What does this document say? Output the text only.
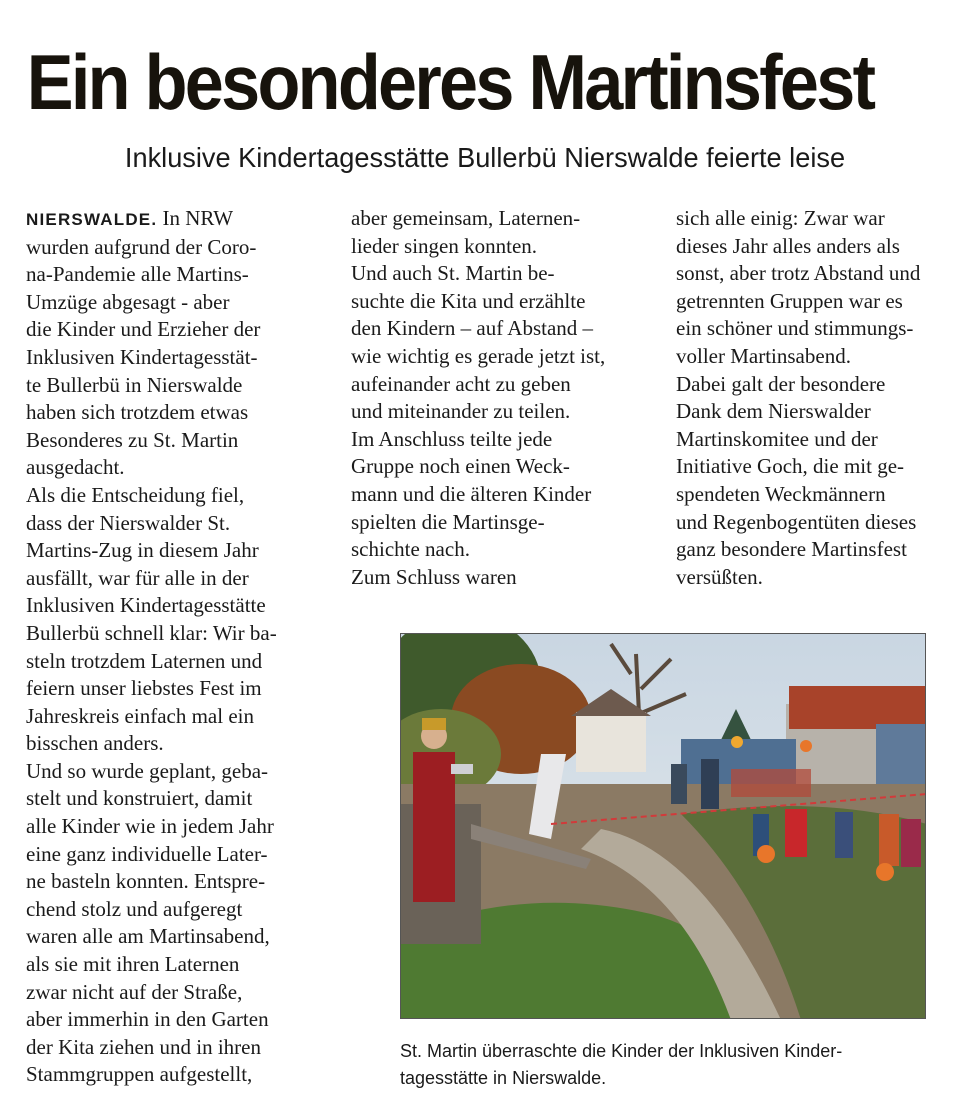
Ein besonderes Martinsfest

Inklusive Kindertagesstätte Bullerbü Nierswalde feierte leise

NIERSWALDE. In NRW
wurden aufgrund der Coro-
na-Pandemie alle Martins-
Umzüge abgesagt - aber
die Kinder und Erzieher der
Inklusiven Kindertagesstät-
te Bullerbü in Nierswalde
haben sich trotzdem etwas
Besonderes zu St. Martin
ausgedacht.
Als die Entscheidung fiel,
dass der Nierswalder St.
Martins-Zug in diesem Jahr
ausfällt, war für alle in der
Inklusiven Kindertagesstätte
Bullerbü schnell klar: Wir ba-
steln trotzdem Laternen und
feiern unser liebstes Fest im
Jahreskreis einfach mal ein
bisschen anders.
Und so wurde geplant, geba-
stelt und konstruiert, damit
alle Kinder wie in jedem Jahr
eine ganz individuelle Later-
ne basteln konnten. Entspre-
chend stolz und aufgeregt
waren alle am Martinsabend,
als sie mit ihren Laternen
zwar nicht auf der Straße,
aber immerhin in den Garten
der Kita ziehen und in ihren
Stammgruppen aufgestellt,
aber gemeinsam, Laternen-
lieder singen konnten.
Und auch St. Martin be-
suchte die Kita und erzählte
den Kindern – auf Abstand –
wie wichtig es gerade jetzt ist,
aufeinander acht zu geben
und miteinander zu teilen.
Im Anschluss teilte jede
Gruppe noch einen Weck-
mann und die älteren Kinder
spielten die Martinsge-
schichte nach.
Zum Schluss waren
sich alle einig: Zwar war
dieses Jahr alles anders als
sonst, aber trotz Abstand und
getrennten Gruppen war es
ein schöner und stimmungs-
voller Martinsabend.
Dabei galt der besondere
Dank dem Nierswalder
Martinskomitee und der
Initiative Goch, die mit ge-
spendeten Weckmännern
und Regenbogentüten dieses
ganz besondere Martinsfest
versüßten.
St. Martin überraschte die Kinder der Inklusiven Kinder-
tagesstätte in Nierswalde.
